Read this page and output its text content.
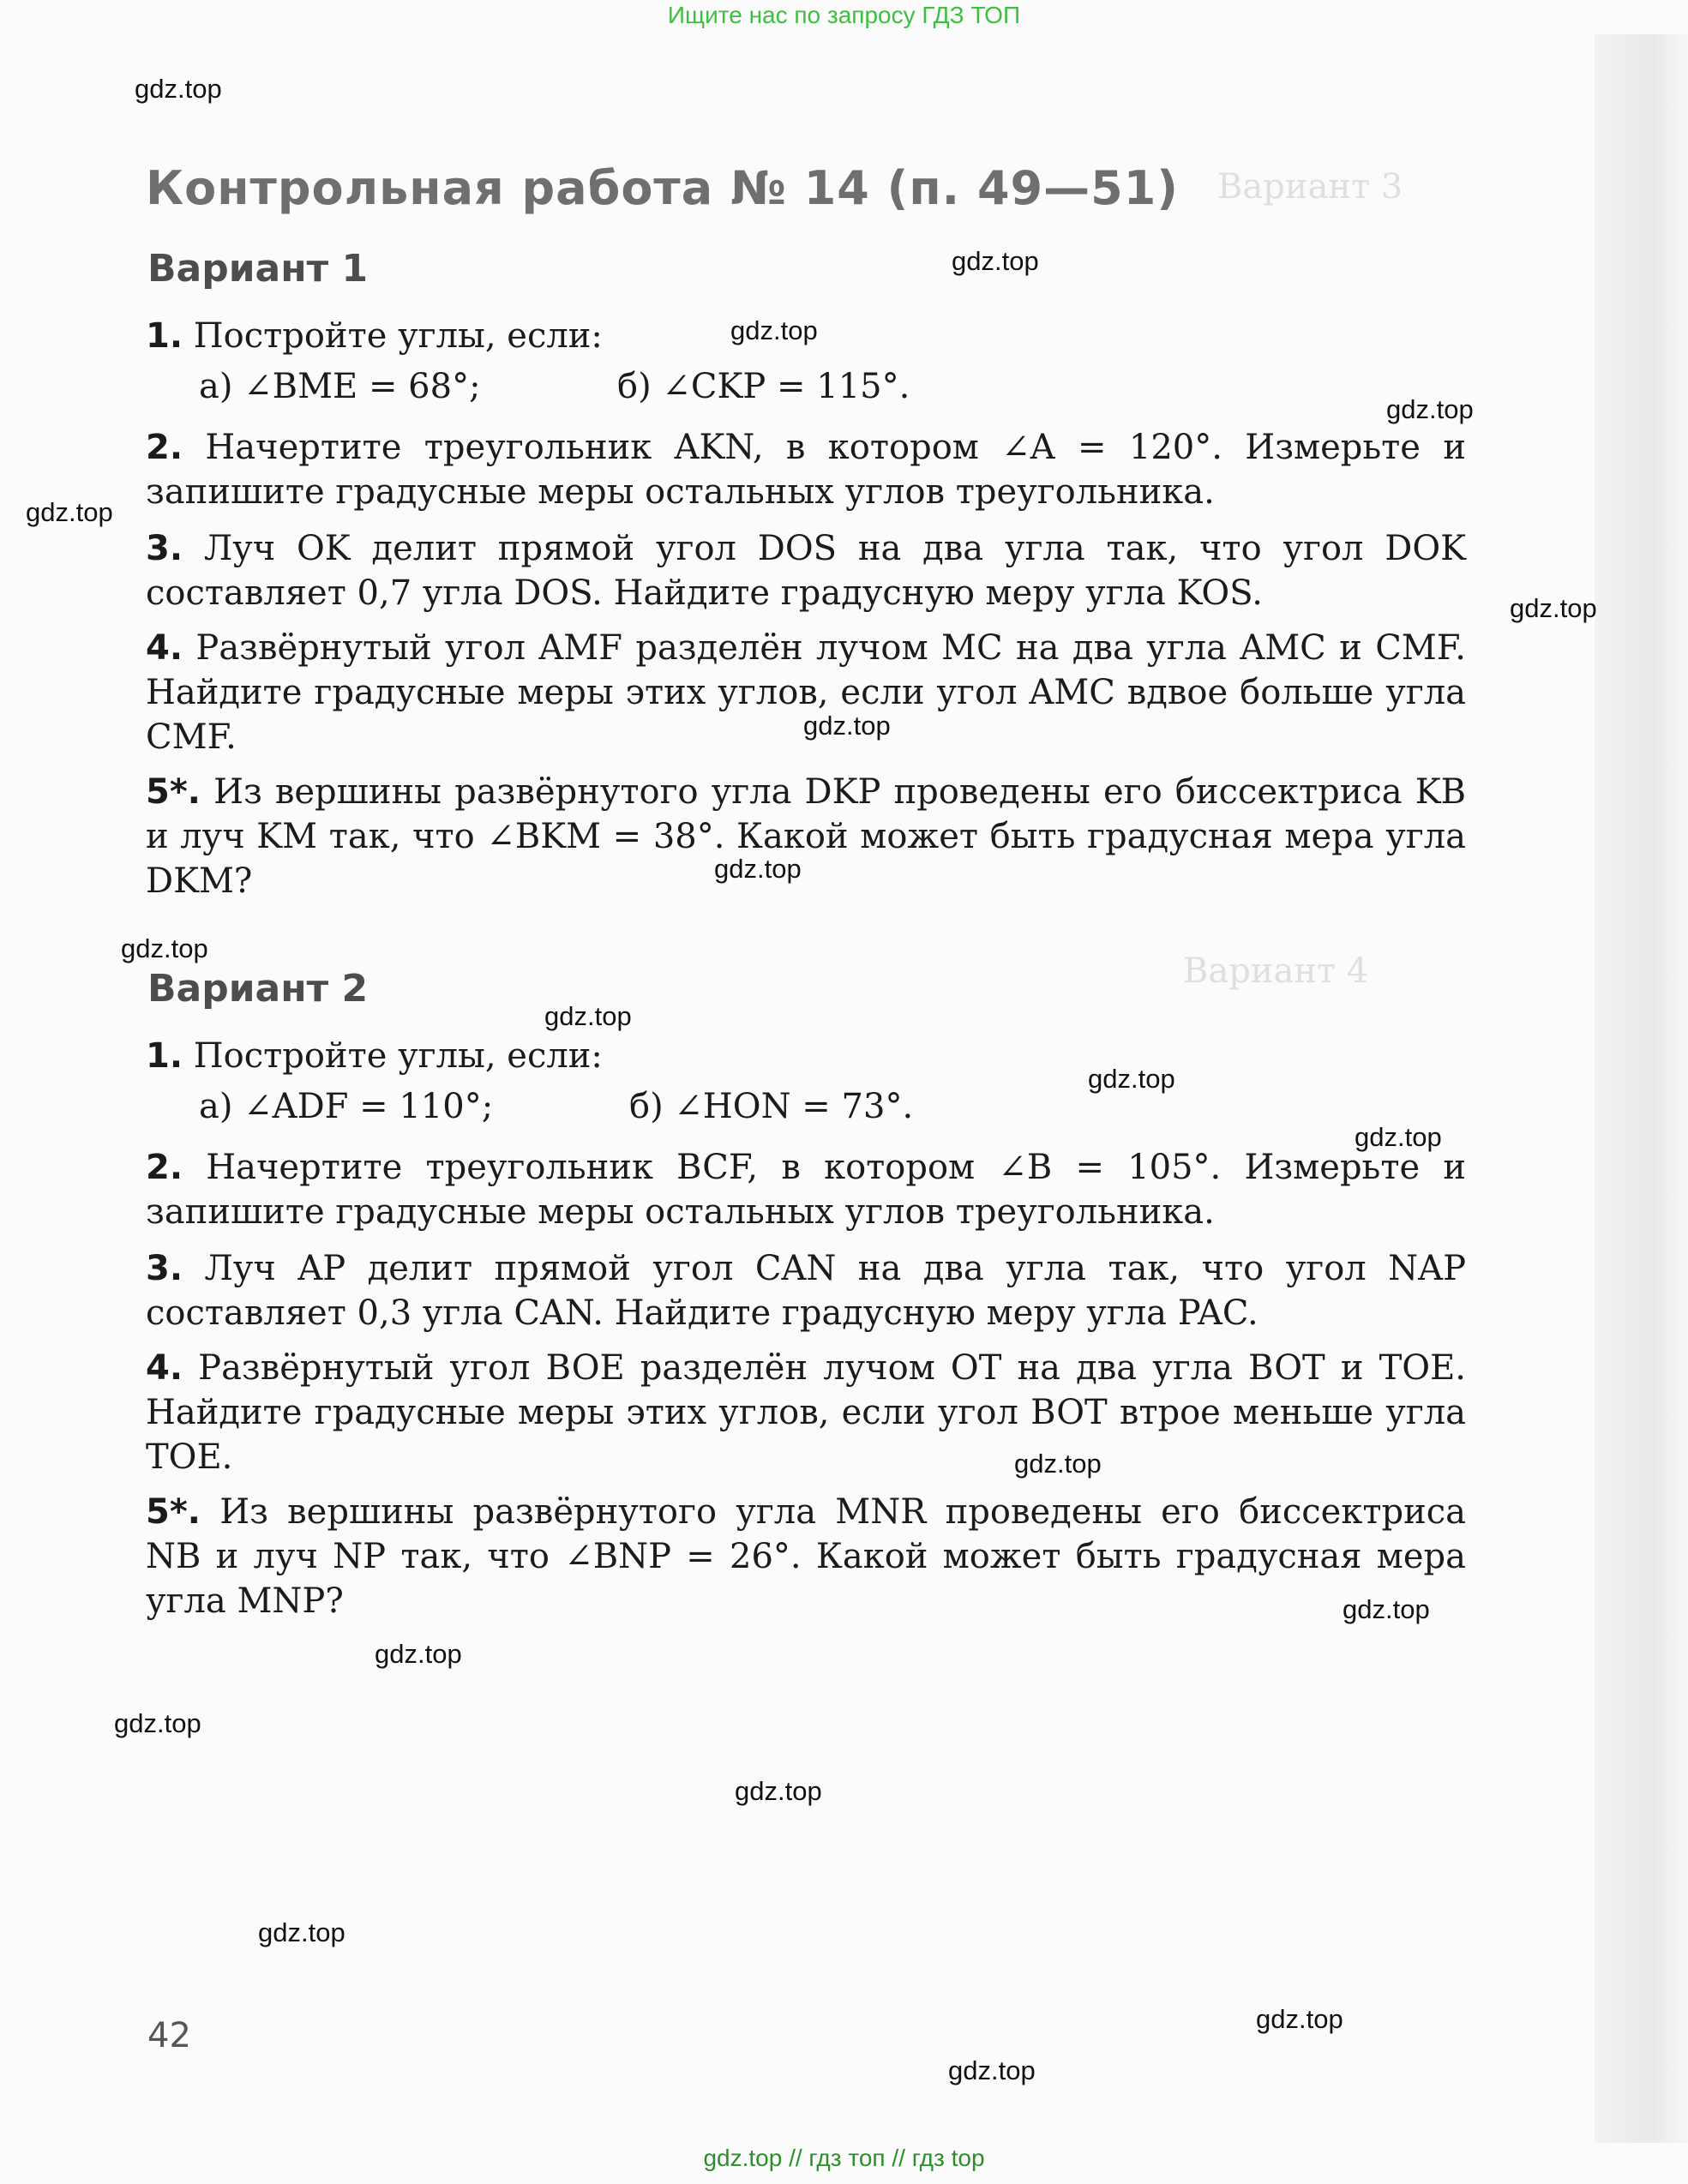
Вариант 3
Вариант 4
Ищите нас по запросу ГДЗ ТОП
Контрольная работа № 14 (п. 49—51)
Вариант 1
1. Постройте углы, если:
а) ∠BME = 68°;	б) ∠CKP = 115°.
2. Начертите треугольник AKN, в котором ∠A = 120°. Измерьте и запишите градусные меры остальных углов треугольника.
3. Луч OK делит прямой угол DOS на два угла так, что угол DOK составляет 0,7 угла DOS. Найдите градусную меру угла KOS.
4. Развёрнутый угол AMF разделён лучом MC на два угла AMC и CMF. Найдите градусные меры этих углов, если угол AMC вдвое больше угла CMF.
5*. Из вершины развёрнутого угла DKP проведены его биссектриса KB и луч KM так, что ∠BKM = 38°. Какой может быть градусная мера угла DKM?
Вариант 2
1. Постройте углы, если:
а) ∠ADF = 110°;	б) ∠HON = 73°.
2. Начертите треугольник BCF, в котором ∠B = 105°. Измерьте и запишите градусные меры остальных углов треугольника.
3. Луч AP делит прямой угол CAN на два угла так, что угол NAP составляет 0,3 угла CAN. Найдите градусную меру угла PAC.
4. Развёрнутый угол BOE разделён лучом OT на два угла BOT и TOE. Найдите градусные меры этих углов, если угол BOT втрое меньше угла TOE.
5*. Из вершины развёрнутого угла MNR проведены его биссектриса NB и луч NP так, что ∠BNP = 26°. Какой может быть градусная мера угла MNP?
42
gdz.top
gdz.top
gdz.top
gdz.top
gdz.top
gdz.top
gdz.top
gdz.top
gdz.top
gdz.top
gdz.top
gdz.top
gdz.top
gdz.top
gdz.top
gdz.top
gdz.top
gdz.top
gdz.top
gdz.top
gdz.top // гдз топ // гдз top
